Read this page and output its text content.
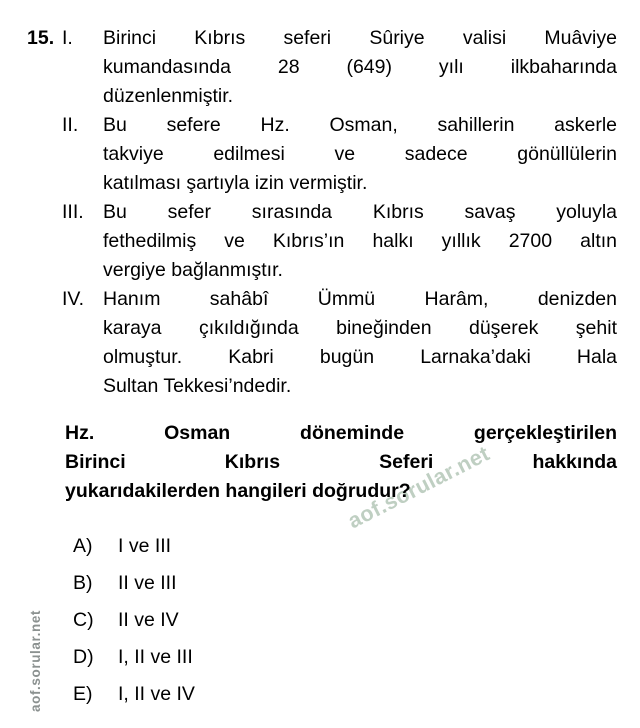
aof.sorular.net
aof.sorular.net
15. I.	Birinci Kıbrıs seferi Sûriye valisi Muâviye
kumandasında 28 (649) yılı ilkbaharında
düzenlenmiştir.
II.	Bu sefere Hz. Osman, sahillerin askerle
takviye edilmesi ve sadece gönüllülerin
katılması şartıyla izin vermiştir.
III. Bu sefer sırasında Kıbrıs savaş yoluyla
fethedilmiş ve Kıbrıs’ın halkı yıllık 2700 altın
vergiye bağlanmıştır.
IV. Hanım sahâbî Ümmü Harâm, denizden
karaya çıkıldığında bineğinden düşerek şehit
olmuştur. Kabri bugün Larnaka’daki Hala
Sultan Tekkesi’ndedir.
Hz. Osman döneminde gerçekleştirilen
Birinci Kıbrıs Seferi hakkında
yukarıdakilerden hangileri doğrudur?
A)	I ve III
B)	II ve III
C)	II ve IV
D)	I, II ve III
E)	I, II ve IV
